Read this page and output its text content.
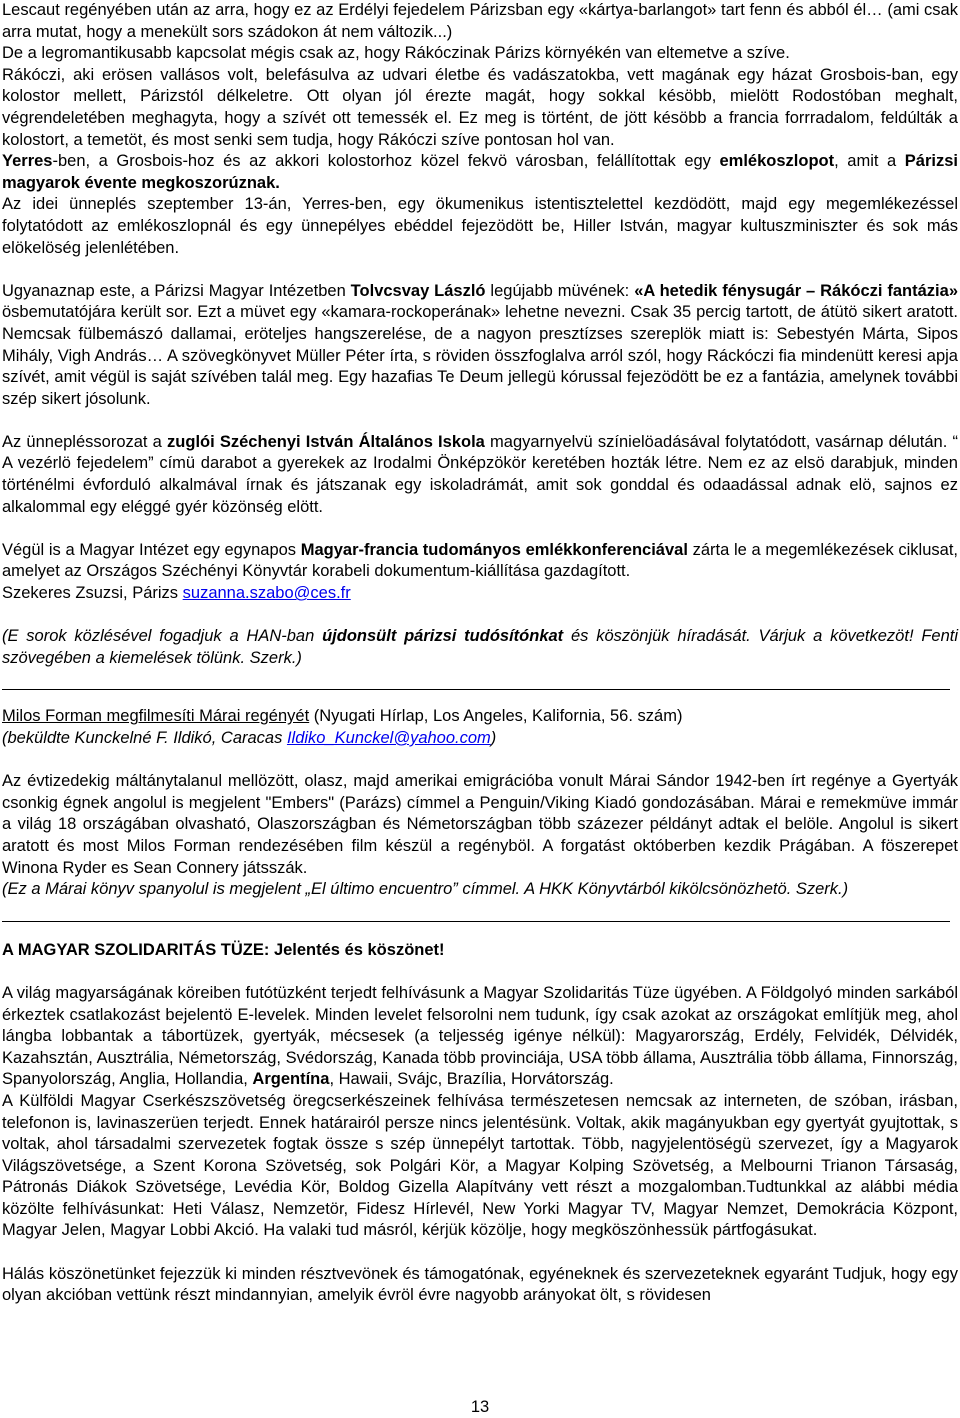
Lescaut regényében után az arra, hogy ez az Erdélyi fejedelem Párizsban egy «kártya-barlangot» tart fenn és abból él… (ami csak arra mutat, hogy a menekült sors szádokon át nem változik...)

De a legromantikusabb kapcsolat mégis csak az, hogy Rákóczinak Párizs környékén van eltemetve a szíve.

Rákóczi, aki erösen vallásos volt, belefásulva az udvari életbe és vadászatokba, vett magának egy házat Grosbois-ban, egy kolostor mellett, Párizstól délkeletre. Ott olyan jól érezte magát, hogy sokkal késöbb, mielött Rodostóban meghalt, végrendeletében meghagyta, hogy a szívét ott temessék el. Ez meg is történt, de jött késöbb a francia forrradalom, feldúlták a kolostort, a temetöt, és most senki sem tudja, hogy Rákóczi szíve pontosan hol van.

Yerres-ben, a Grosbois-hoz és az akkori kolostorhoz közel fekvö városban, felállítottak egy emlékoszlopot, amit a Párizsi magyarok évente megkoszorúznak.

Az idei ünneplés szeptember 13-án, Yerres-ben, egy ökumenikus istentisztelettel kezdödött, majd egy megemlékezéssel folytatódott az emlékoszlopnál és egy ünnepélyes ebéddel fejezödött be, Hiller István, magyar kultuszminiszter és sok más elökelöség jelenlétében.

Ugyanaznap este, a Párizsi Magyar Intézetben Tolvcsvay László legújabb müvének: «A hetedik fénysugár – Rákóczi fantázia» ösbemutatójára került sor. Ezt a müvet egy «kamara-rockoperának» lehetne nevezni. Csak 35 percig tartott, de átütö sikert aratott. Nemcsak fülbemászó dallamai, eröteljes hangszerelése, de a nagyon presztízses szereplök miatt is: Sebestyén Márta, Sipos Mihály, Vigh András… A szövegkönyvet Müller Péter írta, s röviden összfoglalva arról szól, hogy Ráckóczi fia mindenütt keresi apja szívét, amit végül is saját szívében talál meg. Egy hazafias Te Deum jellegü kórussal fejezödött be ez a fantázia, amelynek további szép sikert jósolunk.

Az ünnepléssorozat a zuglói Széchenyi István Általános Iskola magyarnyelvü színielöadásával folytatódott, vasárnap délután. “ A vezérlö fejedelem” címü darabot a gyerekek az Irodalmi Önképzökör keretében hozták létre. Nem ez az elsö darabjuk, minden történélmi évforduló alkalmával írnak és játszanak egy iskoladrámát, amit sok gonddal és odaadással adnak elö, sajnos ez alkalommal egy eléggé gyér közönség elött.

Végül is a Magyar Intézet egy egynapos Magyar-francia tudományos emlékkonferenciával zárta le a megemlékezések ciklusat, amelyet az Országos Széchényi Könyvtár korabeli dokumentum-kiállítása gazdagított.
Szekeres Zsuzsi, Párizs suzanna.szabo@ces.fr

(E sorok közlésével fogadjuk a HAN-ban újdonsült párizsi tudósítónkat és köszönjük híradását. Várjuk a következöt! Fenti szövegében a kiemelések tölünk. Szerk.)

Milos Forman megfilmesíti Márai regényét (Nyugati Hírlap, Los Angeles, Kalifornia, 56. szám)
(beküldte Kunckelné F. Ildikó, Caracas Ildiko_Kunckel@yahoo.com)

Az évtizedekig máltánytalanul mellözött, olasz, majd amerikai emigrációba vonult Márai Sándor 1942-ben írt regénye a Gyertyák csonkig égnek angolul is megjelent "Embers" (Parázs) címmel a Penguin/Viking Kiadó gondozásában. Márai e remekmüve immár a világ 18 országában olvasható, Olaszországban és Németországban több százezer példányt adtak el belöle. Angolul is sikert aratott és most Milos Forman rendezésében film készül a regényböl. A forgatást októberben kezdik Prágában. A föszerepet Winona Ryder es Sean Connery játsszák.

(Ez a Márai könyv spanyolul is megjelent „El último encuentro” címmel. A HKK Könyvtárból kikölcsönözhetö. Szerk.)

A MAGYAR SZOLIDARITÁS TÜZE: Jelentés és köszönet!

A világ magyarságának köreiben futótüzként terjedt felhívásunk a Magyar Szolidaritás Tüze ügyében. A Földgolyó minden sarkából érkeztek csatlakozást bejelentö E-levelek. Minden levelet felsorolni nem tudunk, így csak azokat az országokat említjük meg, ahol lángba lobbantak a tábortüzek, gyertyák, mécsesek (a teljesség igénye nélkül): Magyarország, Erdély, Felvidék, Délvidék, Kazahsztán, Ausztrália, Németország, Svédország, Kanada több provinciája, USA több állama, Ausztrália több állama, Finnország, Spanyolország, Anglia, Hollandia, Argentína, Hawaii, Svájc, Brazília, Horvátország.

A Külföldi Magyar Cserkészszövetség öregcserkészeinek felhívása természetesen nemcsak az interneten, de szóban, irásban, telefonon is, lavinaszerüen terjedt. Ennek határairól persze nincs jelentésünk. Voltak, akik magányukban egy gyertyát gyujtottak, s voltak, ahol társadalmi szervezetek fogtak össze s szép ünnepélyt tartottak. Több, nagyjelentöségü szervezet, így a Magyarok Világszövetsége, a Szent Korona Szövetség, sok Polgári Kör, a Magyar Kolping Szövetség, a Melbourni Trianon Társaság, Pátronás Diákok Szövetsége, Levédia Kör, Boldog Gizella Alapítvány vett részt a mozgalomban.Tudtunkkal az alábbi média közölte felhívásunkat: Heti Válasz, Nemzetör, Fidesz Hírlevél, New Yorki Magyar TV, Magyar Nemzet, Demokrácia Központ, Magyar Jelen, Magyar Lobbi Akció. Ha valaki tud másról, kérjük közölje, hogy megköszönhessük pártfogásukat.

Hálás köszönetünket fejezzük ki minden résztvevönek és támogatónak, egyéneknek és szervezeteknek egyaránt Tudjuk, hogy egy olyan akcióban vettünk részt mindannyian, amelyik évröl évre nagyobb arányokat ölt, s rövidesen

13
